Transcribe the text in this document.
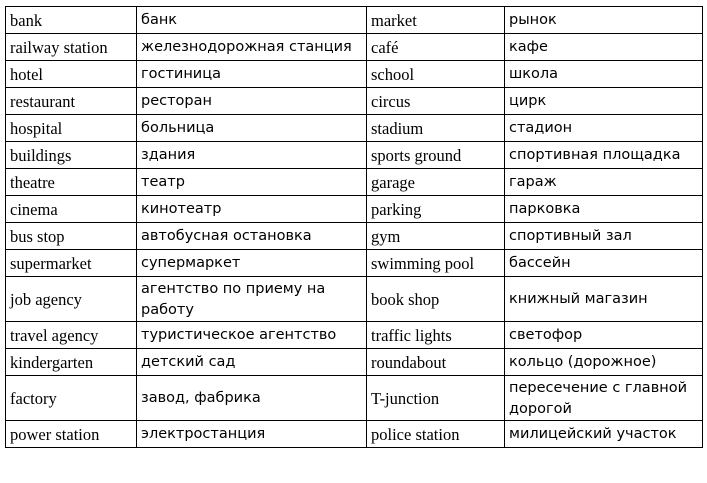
bank	банк	market	рынок
railway station	железнодорожная станция	café	кафе
hotel	гостиница	school	школа
restaurant	ресторан	circus	цирк
hospital	больница	stadium	стадион
buildings	здания	sports ground	спортивная площадка
theatre	театр	garage	гараж
cinema	кинотеатр	parking	парковка
bus stop	автобусная остановка	gym	спортивный зал
supermarket	супермаркет	swimming pool	бассейн
job agency	агентство по приему на работу	book shop	книжный магазин
travel agency	туристическое агентство	traffic lights	светофор
kindergarten	детский сад	roundabout	кольцо (дорожное)
factory	завод, фабрика	T-junction	пересечение с главной дорогой
power station	электростанция	police station	милицейский участок
